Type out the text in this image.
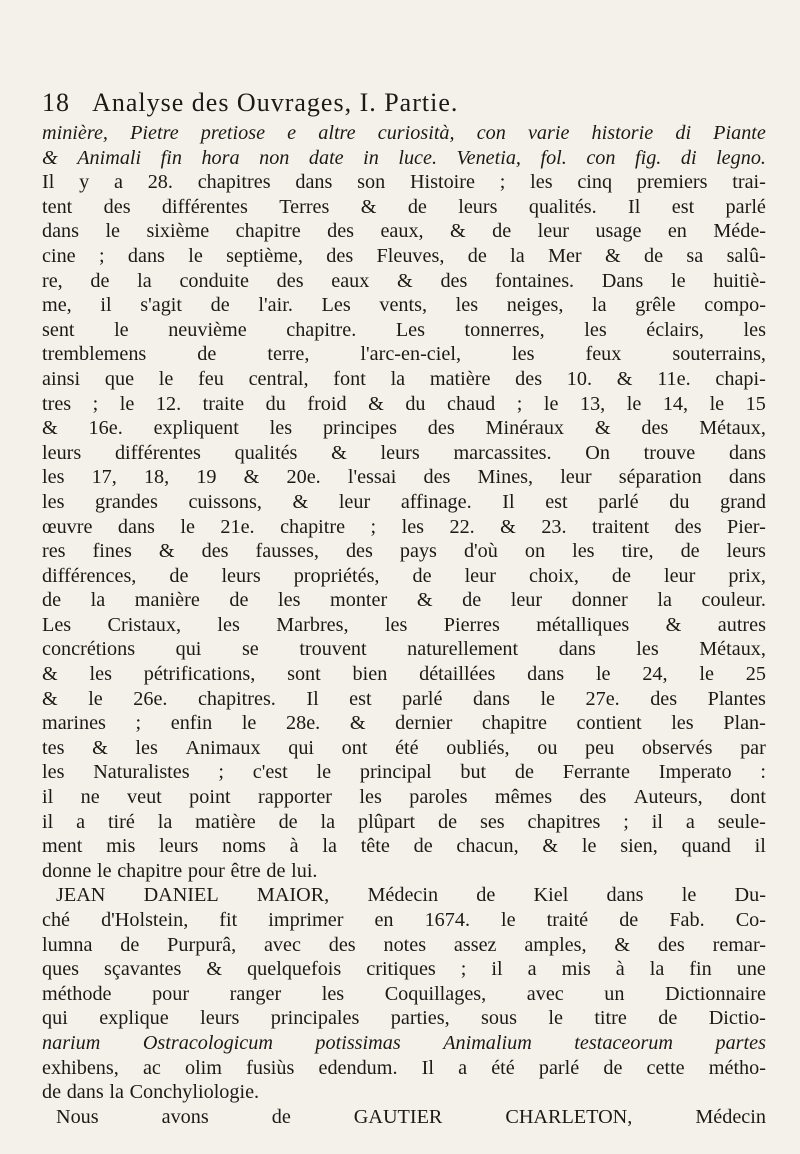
18 Analyse des Ouvrages, I. Partie.
minière, Pietre pretiose e altre curiosità, con varie historie di Piante
& Animali fin hora non date in luce. Venetia, fol. con fig. di legno.
Il y a 28. chapitres dans son Histoire ; les cinq premiers trai-
tent des différentes Terres & de leurs qualités. Il est parlé
dans le sixième chapitre des eaux, & de leur usage en Méde-
cine ; dans le septième, des Fleuves, de la Mer & de sa salû-
re, de la conduite des eaux & des fontaines. Dans le huitiè-
me, il s'agit de l'air. Les vents, les neiges, la grêle compo-
sent le neuvième chapitre. Les tonnerres, les éclairs, les
tremblemens	de	terre,	l'arc-en-ciel,	les	feux	souterrains,
ainsi que le feu central, font la matière des 10. & 11e. chapi-
tres ; le 12. traite du froid & du chaud ; le 13, le 14, le 15
& 16e. expliquent les principes des Minéraux & des Métaux,
leurs différentes qualités & leurs marcassites. On trouve dans
les 17, 18, 19 & 20e. l'essai des Mines, leur séparation dans
les grandes cuissons, & leur affinage. Il est parlé du grand
œuvre dans le 21e. chapitre ; les 22. & 23. traitent des Pier-
res fines & des fausses, des pays d'où on les tire, de leurs
différences, de leurs propriétés, de leur choix, de leur prix,
de la manière de les monter & de leur donner la couleur.
Les Cristaux, les Marbres, les Pierres métalliques & autres
concrétions qui se trouvent naturellement dans les Métaux,
& les pétrifications, sont bien détaillées dans le 24, le 25
& le 26e. chapitres. Il est parlé dans le 27e. des Plantes
marines ; enfin le 28e. & dernier chapitre contient les Plan-
tes & les Animaux qui ont été oubliés, ou peu observés par
les Naturalistes ; c'est le principal but de Ferrante Imperato :
il ne veut point rapporter les paroles mêmes des Auteurs, dont
il a tiré la matière de la plûpart de ses chapitres ; il a seule-
ment mis leurs noms à la tête de chacun, & le sien, quand il
donne le chapitre pour être de lui.
JEAN DANIEL MAIOR, Médecin de Kiel dans le Du-
ché d'Holstein, fit imprimer en 1674. le traité de Fab. Co-
lumna de Purpurâ, avec des notes assez amples, & des remar-
ques sçavantes & quelquefois critiques ; il a mis à la fin une
méthode pour ranger les Coquillages, avec un Dictionnaire
qui explique leurs principales parties, sous le titre de Dictio-
narium Ostracologicum potissimas Animalium testaceorum partes
exhibens, ac olim fusiùs edendum. Il a été parlé de cette métho-
de dans la Conchyliologie.
Nous	avons	de	GAUTIER	CHARLETON,	Médecin
